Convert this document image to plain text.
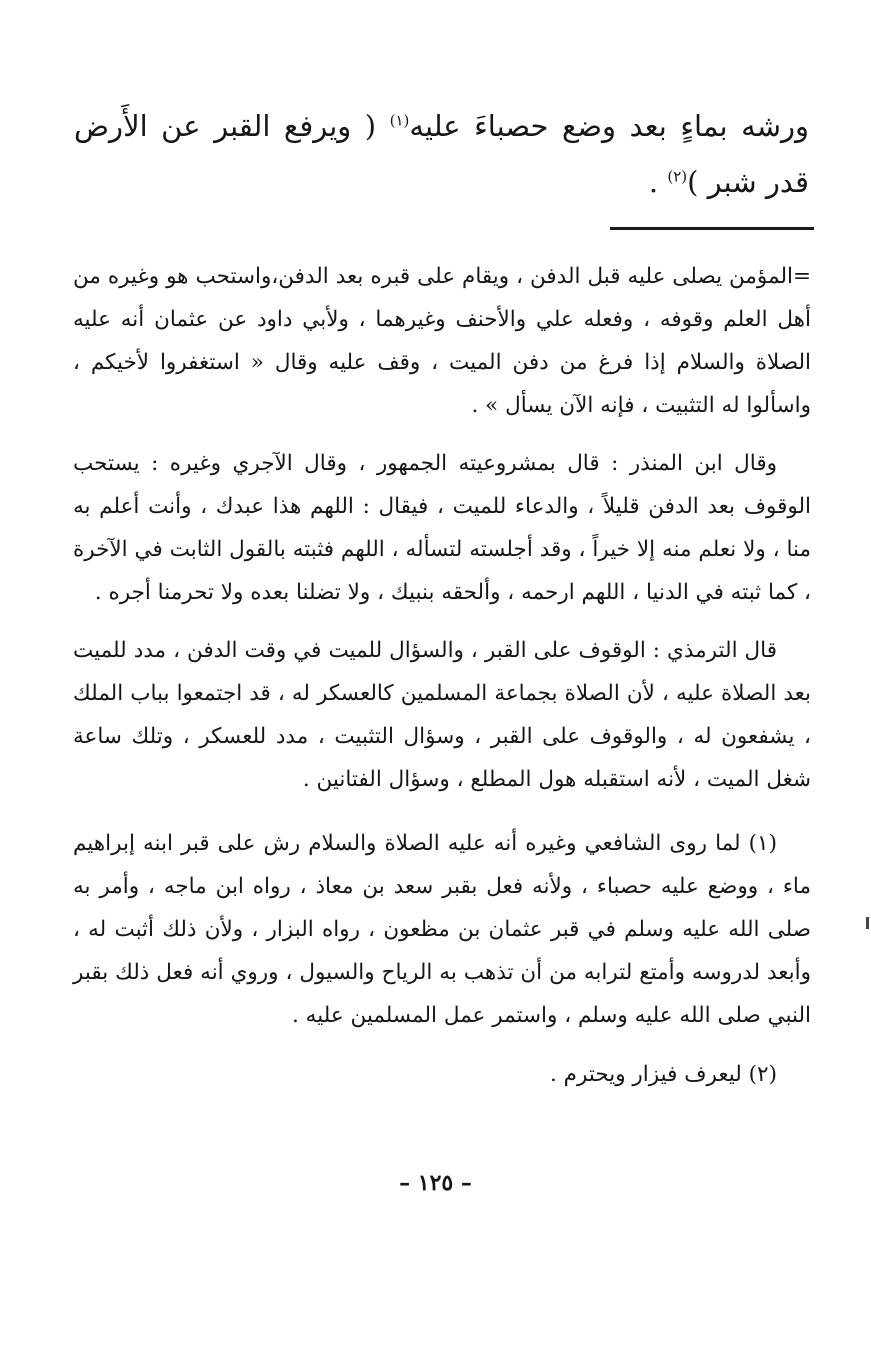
ورشه بماءٍ بعد وضع حصباءَ عليه$^{(١)}$ ( ويرفع القبر عن الأَرض قدر شبر )$^{(٢)}$ .

=المؤمن يصلى عليه قبل الدفن ، ويقام على قبره بعد الدفن،واستحب هو وغيره من أهل العلم وقوفه ، وفعله علي والأحنف وغيرهما ، ولأبي داود عن عثمان أنه عليه الصلاة والسلام إذا فرغ من دفن الميت ، وقف عليه وقال « استغفروا لأخيكم ، واسألوا له التثبيت ، فإنه الآن يسأل » .

وقال ابن المنذر : قال بمشروعيته الجمهور ، وقال الآجري وغيره : يستحب الوقوف بعد الدفن قليلاً ، والدعاء للميت ، فيقال : اللهم هذا عبدك ، وأنت أعلم به منا ، ولا نعلم منه إلا خيراً ، وقد أجلسته لتسأله ، اللهم فثبته بالقول الثابت في الآخرة ، كما ثبته في الدنيا ، اللهم ارحمه ، وألحقه بنبيك ، ولا تضلنا بعده ولا تحرمنا أجره .

قال الترمذي : الوقوف على القبر ، والسؤال للميت في وقت الدفن ، مدد للميت بعد الصلاة عليه ، لأن الصلاة بجماعة المسلمين كالعسكر له ، قد اجتمعوا بباب الملك ، يشفعون له ، والوقوف على القبر ، وسؤال التثبيت ، مدد للعسكر ، وتلك ساعة شغل الميت ، لأنه استقبله هول المطلع ، وسؤال الفتانين .

(١) لما روى الشافعي وغيره أنه عليه الصلاة والسلام رش على قبر ابنه إبراهيم ماء ، ووضع عليه حصباء ، ولأنه فعل بقبر سعد بن معاذ ، رواه ابن ماجه ، وأمر به صلى الله عليه وسلم في قبر عثمان بن مظعون ، رواه البزار ، ولأن ذلك أثبت له ، وأبعد لدروسه وأمتع لترابه من أن تذهب به الرياح والسيول ، وروي أنه فعل ذلك بقبر النبي صلى الله عليه وسلم ، واستمر عمل المسلمين عليه .

(٢) ليعرف فيزار ويحترم .

– ١٢٥ –
